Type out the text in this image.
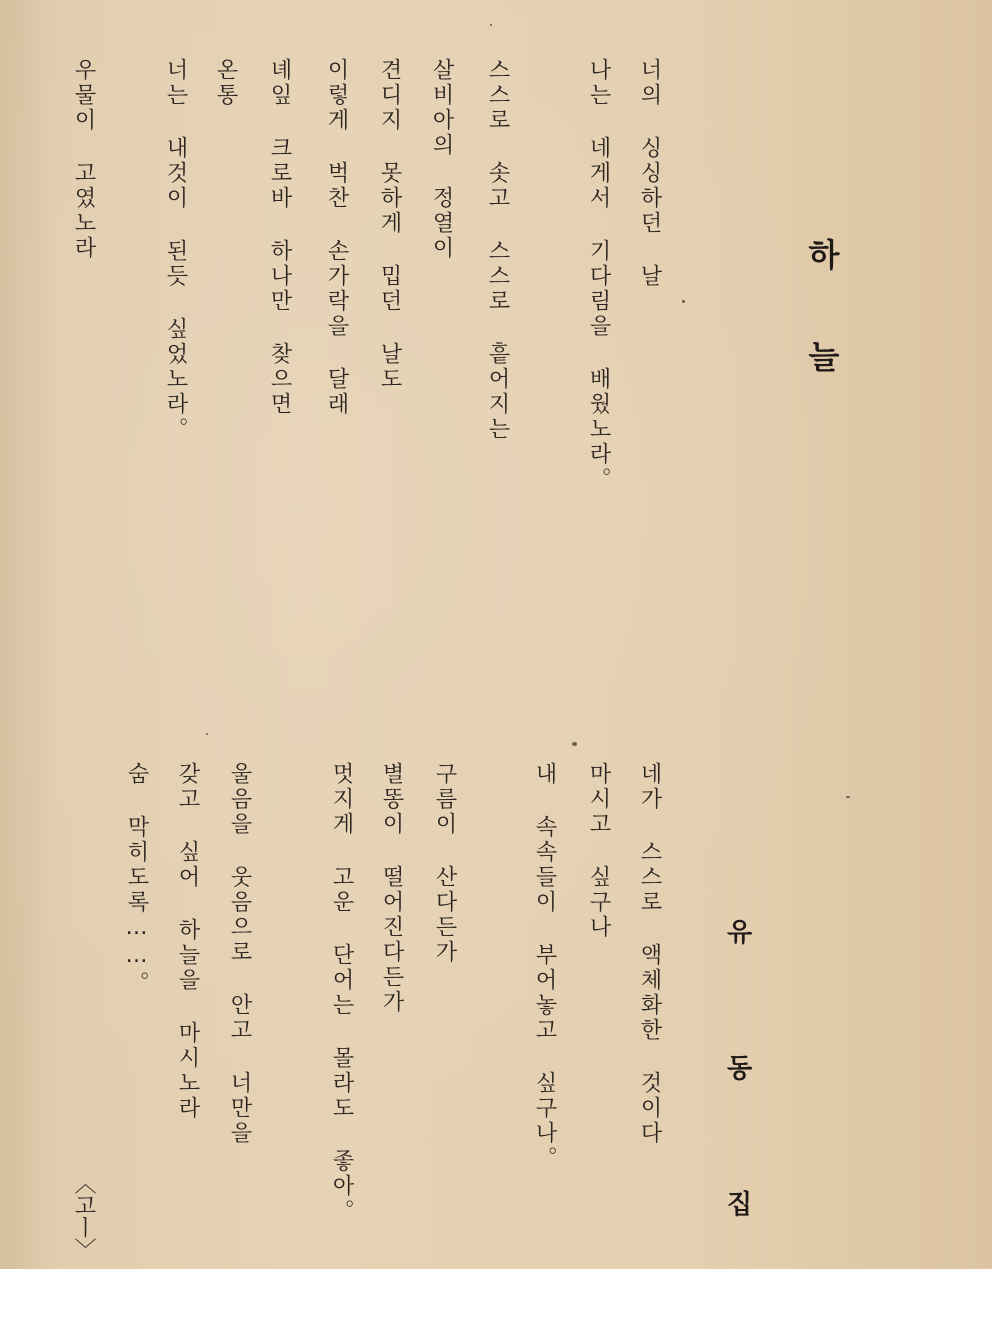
하늘
유동집
너의 싱싱하던 날
나는 네게서 기다림을 배웠노라。
스스로 솟고 스스로 흩어지는
살비아의 정열이
견디지 못하게 밉던 날도
이렇게 벅찬 손가락을 달래
녜잎 크로바 하나만 찾으면
온통
너는 내것이 된듯 싶었노라。
우물이 고였노라
네가 스스로 액체화한 것이다
마시고 싶구나
내 속속들이 부어놓고 싶구나。
구름이 산다든가
별똥이 떨어진다든가
멋지게 고운 단어는 몰라도 좋아。
울음을 웃음으로 안고 너만을
갖고 싶어 하늘을 마시노라
숨 막히도록……。
〈고ㅣ〉
